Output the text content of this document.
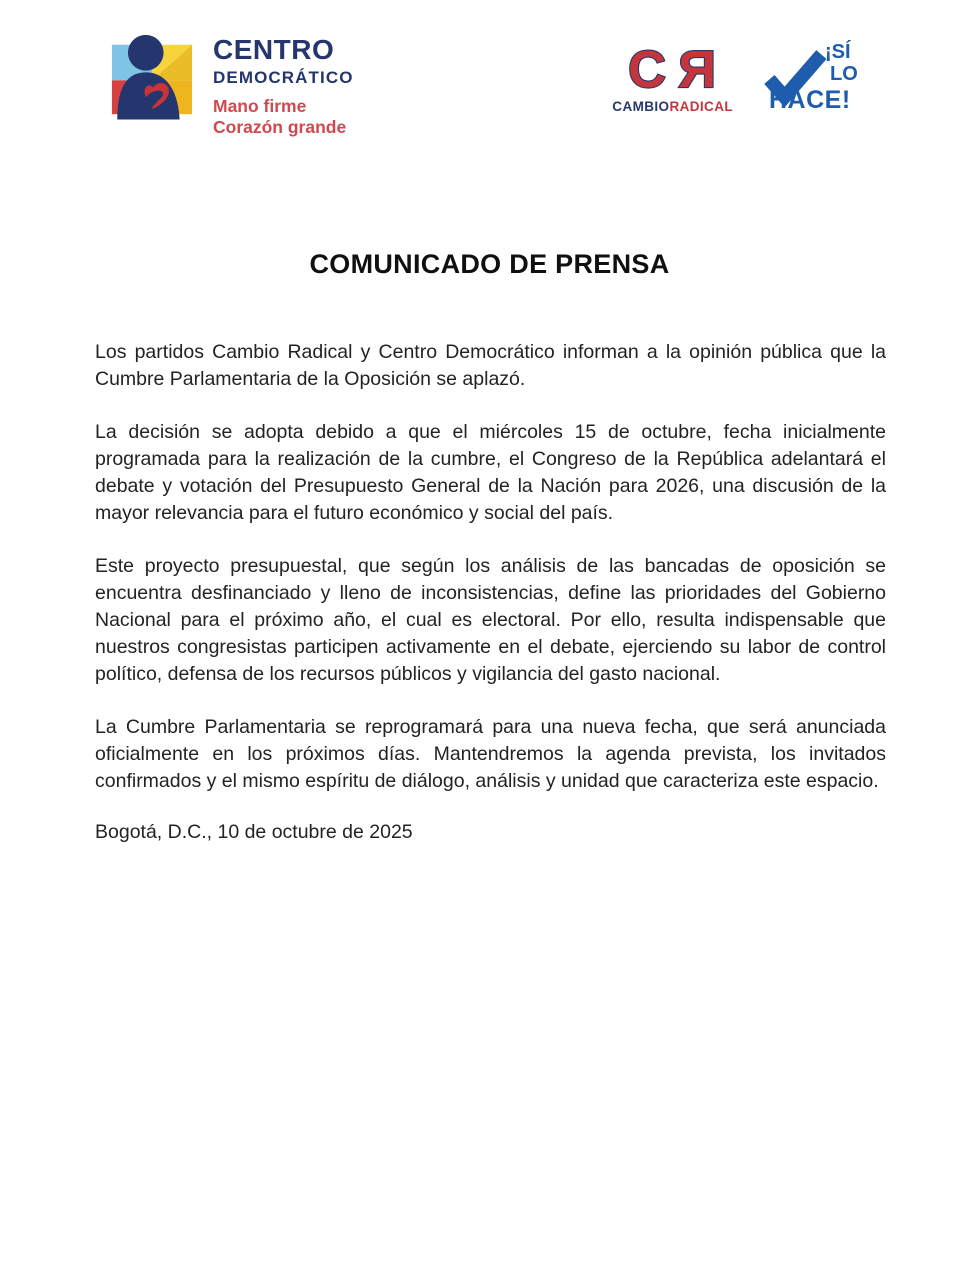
CENTRO
DEMOCRÁTICO
Mano firme
Corazón grande
C R
CAMBIORADICAL
¡SÍ
LO
HACE!
COMUNICADO DE PRENSA

Los partidos Cambio Radical y Centro Democrático informan a la opinión pública que la Cumbre Parlamentaria de la Oposición se aplazó.

La decisión se adopta debido a que el miércoles 15 de octubre, fecha inicialmente programada para la realización de la cumbre, el Congreso de la República adelantará el debate y votación del Presupuesto General de la Nación para 2026, una discusión de la mayor relevancia para el futuro económico y social del país.

Este proyecto presupuestal, que según los análisis de las bancadas de oposición se encuentra desfinanciado y lleno de inconsistencias, define las prioridades del Gobierno Nacional para el próximo año, el cual es electoral. Por ello, resulta indispensable que nuestros congresistas participen activamente en el debate, ejerciendo su labor de control político, defensa de los recursos públicos y vigilancia del gasto nacional.

La Cumbre Parlamentaria se reprogramará para una nueva fecha, que será anunciada oficialmente en los próximos días. Mantendremos la agenda prevista, los invitados confirmados y el mismo espíritu de diálogo, análisis y unidad que caracteriza este espacio.

Bogotá, D.C., 10 de octubre de 2025
